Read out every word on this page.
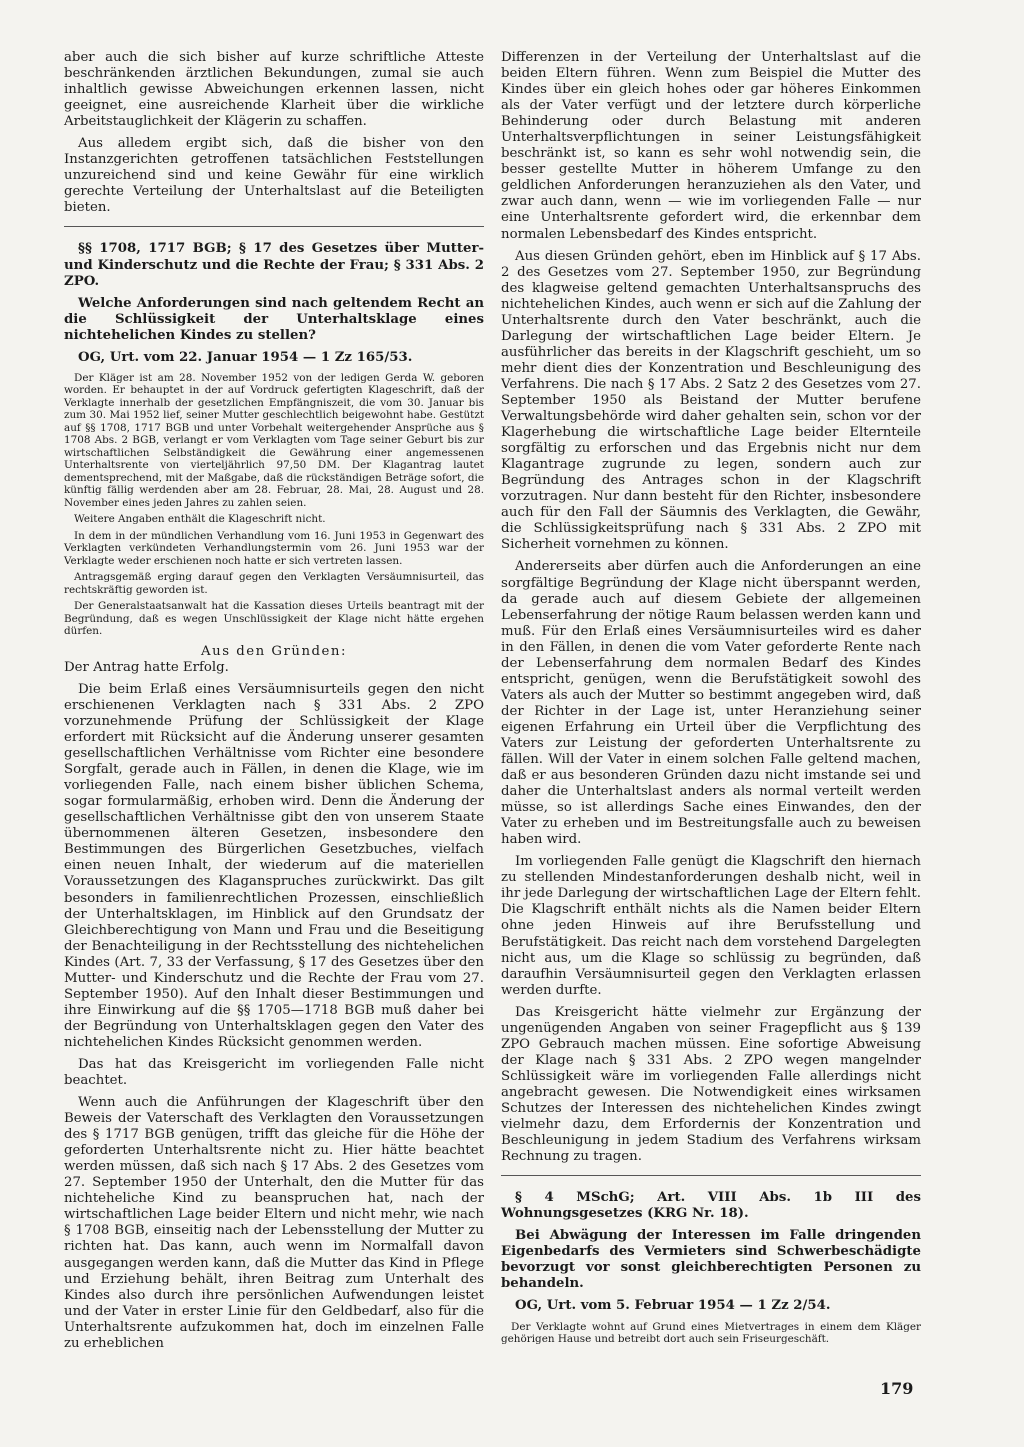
aber auch die sich bisher auf kurze schriftliche Atteste beschränkenden ärztlichen Bekundungen, zumal sie auch inhaltlich gewisse Abweichungen erkennen lassen, nicht geeignet, eine ausreichende Klarheit über die wirkliche Arbeitstauglichkeit der Klägerin zu schaffen.

Aus alledem ergibt sich, daß die bisher von den Instanzgerichten getroffenen tatsächlichen Feststellungen unzureichend sind und keine Gewähr für eine wirklich gerechte Verteilung der Unterhaltslast auf die Beteiligten bieten.

§§ 1708, 1717 BGB; § 17 des Gesetzes über Mutter- und Kinderschutz und die Rechte der Frau; § 331 Abs. 2 ZPO.

Welche Anforderungen sind nach geltendem Recht an die Schlüssigkeit der Unterhaltsklage eines nichtehelichen Kindes zu stellen?

OG, Urt. vom 22. Januar 1954 — 1 Zz 165/53.

Der Kläger ist am 28. November 1952 von der ledigen Gerda W. geboren worden. Er behauptet in der auf Vordruck gefertigten Klageschrift, daß der Verklagte innerhalb der gesetzlichen Empfängniszeit, die vom 30. Januar bis zum 30. Mai 1952 lief, seiner Mutter geschlechtlich beigewohnt habe. Gestützt auf §§ 1708, 1717 BGB und unter Vorbehalt weitergehender Ansprüche aus § 1708 Abs. 2 BGB, verlangt er vom Verklagten vom Tage seiner Geburt bis zur wirtschaftlichen Selbständigkeit die Gewährung einer angemessenen Unterhaltsrente von vierteljährlich 97,50 DM. Der Klagantrag lautet dementsprechend, mit der Maßgabe, daß die rückständigen Beträge sofort, die künftig fällig werdenden aber am 28. Februar, 28. Mai, 28. August und 28. November eines jeden Jahres zu zahlen seien.

Weitere Angaben enthält die Klageschrift nicht.

In dem in der mündlichen Verhandlung vom 16. Juni 1953 in Gegenwart des Verklagten verkündeten Verhandlungstermin vom 26. Juni 1953 war der Verklagte weder erschienen noch hatte er sich vertreten lassen.

Antragsgemäß erging darauf gegen den Verklagten Versäumnisurteil, das rechtskräftig geworden ist.

Der Generalstaatsanwalt hat die Kassation dieses Urteils beantragt mit der Begründung, daß es wegen Unschlüssigkeit der Klage nicht hätte ergehen dürfen.

Aus den Gründen:

Der Antrag hatte Erfolg.

Die beim Erlaß eines Versäumnisurteils gegen den nicht erschienenen Verklagten nach § 331 Abs. 2 ZPO vorzunehmende Prüfung der Schlüssigkeit der Klage erfordert mit Rücksicht auf die Änderung unserer gesamten gesellschaftlichen Verhältnisse vom Richter eine besondere Sorgfalt, gerade auch in Fällen, in denen die Klage, wie im vorliegenden Falle, nach einem bisher üblichen Schema, sogar formularmäßig, erhoben wird. Denn die Änderung der gesellschaftlichen Verhältnisse gibt den von unserem Staate übernommenen älteren Gesetzen, insbesondere den Bestimmungen des Bürgerlichen Gesetzbuches, vielfach einen neuen Inhalt, der wiederum auf die materiellen Voraussetzungen des Klaganspruches zurückwirkt. Das gilt besonders in familienrechtlichen Prozessen, einschließlich der Unterhaltsklagen, im Hinblick auf den Grundsatz der Gleichberechtigung von Mann und Frau und die Beseitigung der Benachteiligung in der Rechtsstellung des nichtehelichen Kindes (Art. 7, 33 der Verfassung, § 17 des Gesetzes über den Mutter- und Kinderschutz und die Rechte der Frau vom 27. September 1950). Auf den Inhalt dieser Bestimmungen und ihre Einwirkung auf die §§ 1705—1718 BGB muß daher bei der Begründung von Unterhaltsklagen gegen den Vater des nichtehelichen Kindes Rücksicht genommen werden.

Das hat das Kreisgericht im vorliegenden Falle nicht beachtet.

Wenn auch die Anführungen der Klageschrift über den Beweis der Vaterschaft des Verklagten den Voraussetzungen des § 1717 BGB genügen, trifft das gleiche für die Höhe der geforderten Unterhaltsrente nicht zu. Hier hätte beachtet werden müssen, daß sich nach § 17 Abs. 2 des Gesetzes vom 27. September 1950 der Unterhalt, den die Mutter für das nichteheliche Kind zu beanspruchen hat, nach der wirtschaftlichen Lage beider Eltern und nicht mehr, wie nach § 1708 BGB, einseitig nach der Lebensstellung der Mutter zu richten hat. Das kann, auch wenn im Normalfall davon ausgegangen werden kann, daß die Mutter das Kind in Pflege und Erziehung behält, ihren Beitrag zum Unterhalt des Kindes also durch ihre persönlichen Aufwendungen leistet und der Vater in erster Linie für den Geldbedarf, also für die Unterhaltsrente aufzukommen hat, doch im einzelnen Falle zu erheblichen

Differenzen in der Verteilung der Unterhaltslast auf die beiden Eltern führen. Wenn zum Beispiel die Mutter des Kindes über ein gleich hohes oder gar höheres Einkommen als der Vater verfügt und der letztere durch körperliche Behinderung oder durch Belastung mit anderen Unterhaltsverpflichtungen in seiner Leistungsfähigkeit beschränkt ist, so kann es sehr wohl notwendig sein, die besser gestellte Mutter in höherem Umfange zu den geldlichen Anforderungen heranzuziehen als den Vater, und zwar auch dann, wenn — wie im vorliegenden Falle — nur eine Unterhaltsrente gefordert wird, die erkennbar dem normalen Lebensbedarf des Kindes entspricht.

Aus diesen Gründen gehört, eben im Hinblick auf § 17 Abs. 2 des Gesetzes vom 27. September 1950, zur Begründung des klagweise geltend gemachten Unterhaltsanspruchs des nichtehelichen Kindes, auch wenn er sich auf die Zahlung der Unterhaltsrente durch den Vater beschränkt, auch die Darlegung der wirtschaftlichen Lage beider Eltern. Je ausführlicher das bereits in der Klagschrift geschieht, um so mehr dient dies der Konzentration und Beschleunigung des Verfahrens. Die nach § 17 Abs. 2 Satz 2 des Gesetzes vom 27. September 1950 als Beistand der Mutter berufene Verwaltungsbehörde wird daher gehalten sein, schon vor der Klagerhebung die wirtschaftliche Lage beider Elternteile sorgfältig zu erforschen und das Ergebnis nicht nur dem Klagantrage zugrunde zu legen, sondern auch zur Begründung des Antrages schon in der Klagschrift vorzutragen. Nur dann besteht für den Richter, insbesondere auch für den Fall der Säumnis des Verklagten, die Gewähr, die Schlüssigkeitsprüfung nach § 331 Abs. 2 ZPO mit Sicherheit vornehmen zu können.

Andererseits aber dürfen auch die Anforderungen an eine sorgfältige Begründung der Klage nicht überspannt werden, da gerade auch auf diesem Gebiete der allgemeinen Lebenserfahrung der nötige Raum belassen werden kann und muß. Für den Erlaß eines Versäumnisurteiles wird es daher in den Fällen, in denen die vom Vater geforderte Rente nach der Lebenserfahrung dem normalen Bedarf des Kindes entspricht, genügen, wenn die Berufstätigkeit sowohl des Vaters als auch der Mutter so bestimmt angegeben wird, daß der Richter in der Lage ist, unter Heranziehung seiner eigenen Erfahrung ein Urteil über die Verpflichtung des Vaters zur Leistung der geforderten Unterhaltsrente zu fällen. Will der Vater in einem solchen Falle geltend machen, daß er aus besonderen Gründen dazu nicht imstande sei und daher die Unterhaltslast anders als normal verteilt werden müsse, so ist allerdings Sache eines Einwandes, den der Vater zu erheben und im Bestreitungsfalle auch zu beweisen haben wird.

Im vorliegenden Falle genügt die Klagschrift den hiernach zu stellenden Mindestanforderungen deshalb nicht, weil in ihr jede Darlegung der wirtschaftlichen Lage der Eltern fehlt. Die Klagschrift enthält nichts als die Namen beider Eltern ohne jeden Hinweis auf ihre Berufsstellung und Berufstätigkeit. Das reicht nach dem vorstehend Dargelegten nicht aus, um die Klage so schlüssig zu begründen, daß daraufhin Versäumnisurteil gegen den Verklagten erlassen werden durfte.

Das Kreisgericht hätte vielmehr zur Ergänzung der ungenügenden Angaben von seiner Fragepflicht aus § 139 ZPO Gebrauch machen müssen. Eine sofortige Abweisung der Klage nach § 331 Abs. 2 ZPO wegen mangelnder Schlüssigkeit wäre im vorliegenden Falle allerdings nicht angebracht gewesen. Die Notwendigkeit eines wirksamen Schutzes der Interessen des nichtehelichen Kindes zwingt vielmehr dazu, dem Erfordernis der Konzentration und Beschleunigung in jedem Stadium des Verfahrens wirksam Rechnung zu tragen.

§ 4 MSchG; Art. VIII Abs. 1b III des Wohnungsgesetzes (KRG Nr. 18).

Bei Abwägung der Interessen im Falle dringenden Eigenbedarfs des Vermieters sind Schwerbeschädigte bevorzugt vor sonst gleichberechtigten Personen zu behandeln.

OG, Urt. vom 5. Februar 1954 — 1 Zz 2/54.

Der Verklagte wohnt auf Grund eines Mietvertrages in einem dem Kläger gehörigen Hause und betreibt dort auch sein Friseurgeschäft.

179
